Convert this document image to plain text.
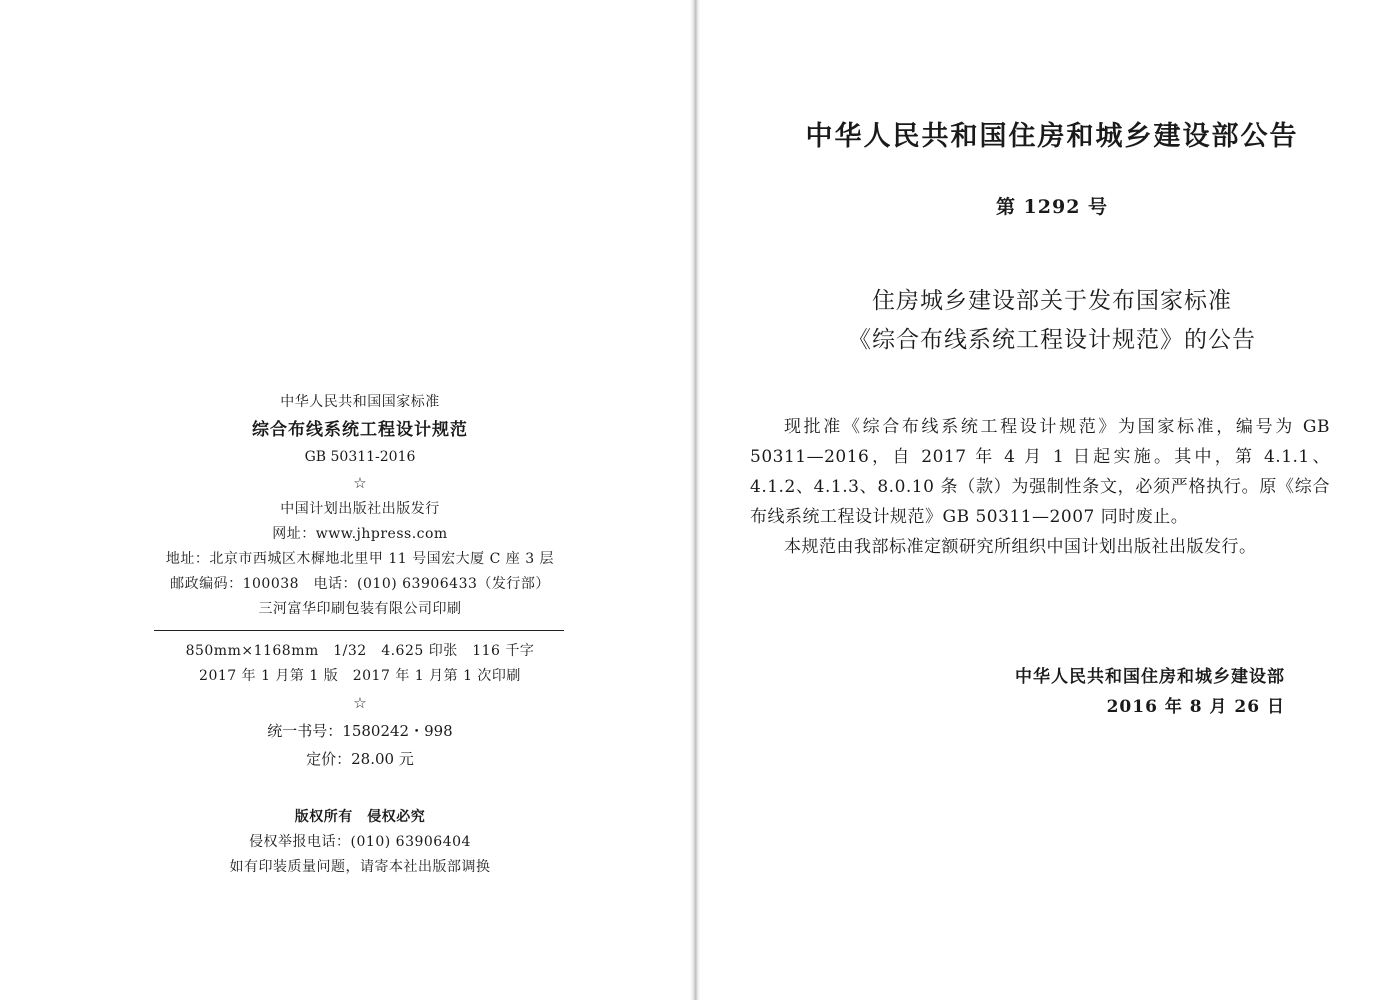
中华人民共和国国家标准
综合布线系统工程设计规范
GB 50311-2016
☆
中国计划出版社出版发行
网址：www.jhpress.com
地址：北京市西城区木樨地北里甲 11 号国宏大厦 C 座 3 层
邮政编码：100038　电话：(010) 63906433（发行部）
三河富华印刷包装有限公司印刷
850mm×1168mm　1/32　4.625 印张　116 千字
2017 年 1 月第 1 版　2017 年 1 月第 1 次印刷
☆
统一书号：1580242・998
定价：28.00 元
版权所有　侵权必究
侵权举报电话：(010) 63906404
如有印装质量问题，请寄本社出版部调换
中华人民共和国住房和城乡建设部公告
第 1292 号
住房城乡建设部关于发布国家标准
《综合布线系统工程设计规范》的公告

现批准《综合布线系统工程设计规范》为国家标准，编号为 GB 50311—2016，自 2017 年 4 月 1 日起实施。其中，第 4.1.1、4.1.2、4.1.3、8.0.10 条（款）为强制性条文，必须严格执行。原《综合布线系统工程设计规范》GB 50311—2007 同时废止。

本规范由我部标准定额研究所组织中国计划出版社出版发行。

中华人民共和国住房和城乡建设部
2016 年 8 月 26 日
